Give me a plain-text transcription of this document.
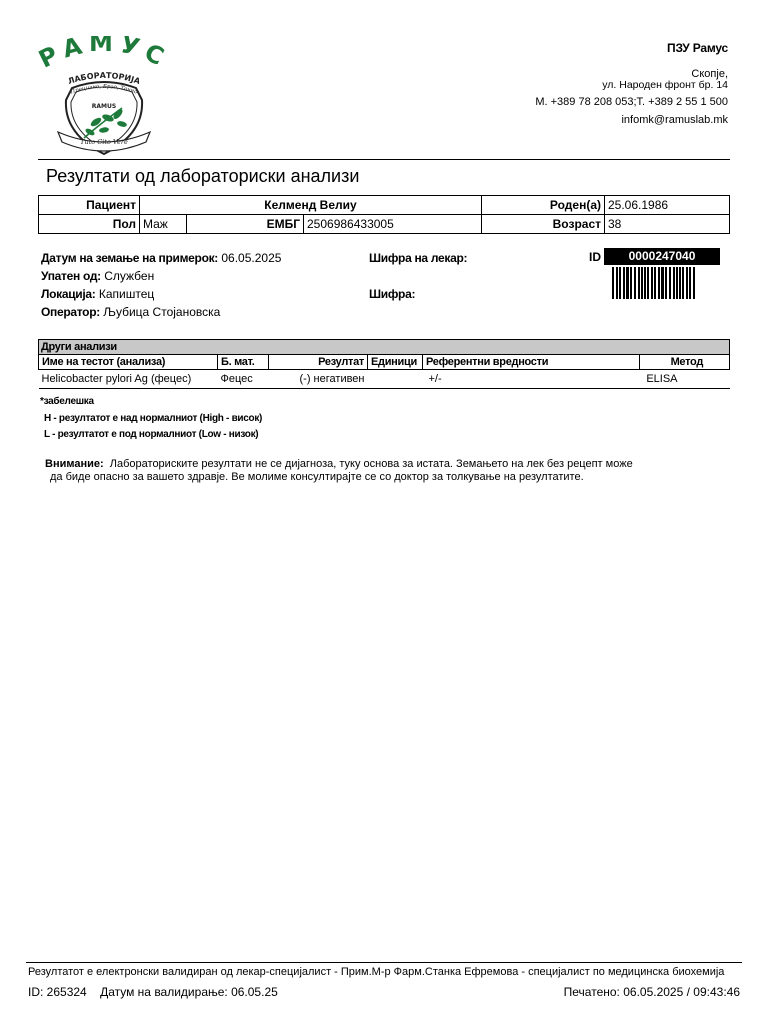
РАМУС
ЛАБОРАТОРИЈА
Прецизно, Брзо, Точно
RAMUS
Tuto Cito Vere
ПЗУ Рамус
Скопје,
ул. Народен фронт бр. 14
М. +389 78 208 053;Т. +389 2 55 1 500
infomk@ramuslab.mk
Резултати од лабораториски анализи
Пациент	Келменд Велиу			Роден(а)	25.06.1986
Пол	Маж	ЕМБГ	2506986433005	Возраст	38
Датум на земање на примерок: 06.05.2025
Упатен од: Службен
Локација: Капиштец
Оператор: Љубица Стојановска
Шифра на лекар:
Шифра:
ID	0000247040
Други анализи					
Име на тестот (анализа)	Б. мат.	Резултат	Единици	Референтни вредности	Метод
Helicobacter pylori Ag (фецес)	Фецес	(-) негативен		+/-	ELISA
*забелешка
H - резултатот е над нормалниот (High - висок)
L - резултатот е под нормалниот (Low - низок)
Внимание: Лабораториските резултати не се дијагноза, туку основа за истата. Земањето на лек без рецепт може
да биде опасно за вашето здравје. Ве молиме консултирајте се со доктор за толкување на резултатите.
Резултатот е електронски валидиран од лекар-специјалист - Прим.М-р Фарм.Станка Ефремова - специјалист по медицинска биохемија
ID: 265324 Датум на валидирање: 06.05.25	Печатено: 06.05.2025 / 09:43:46
